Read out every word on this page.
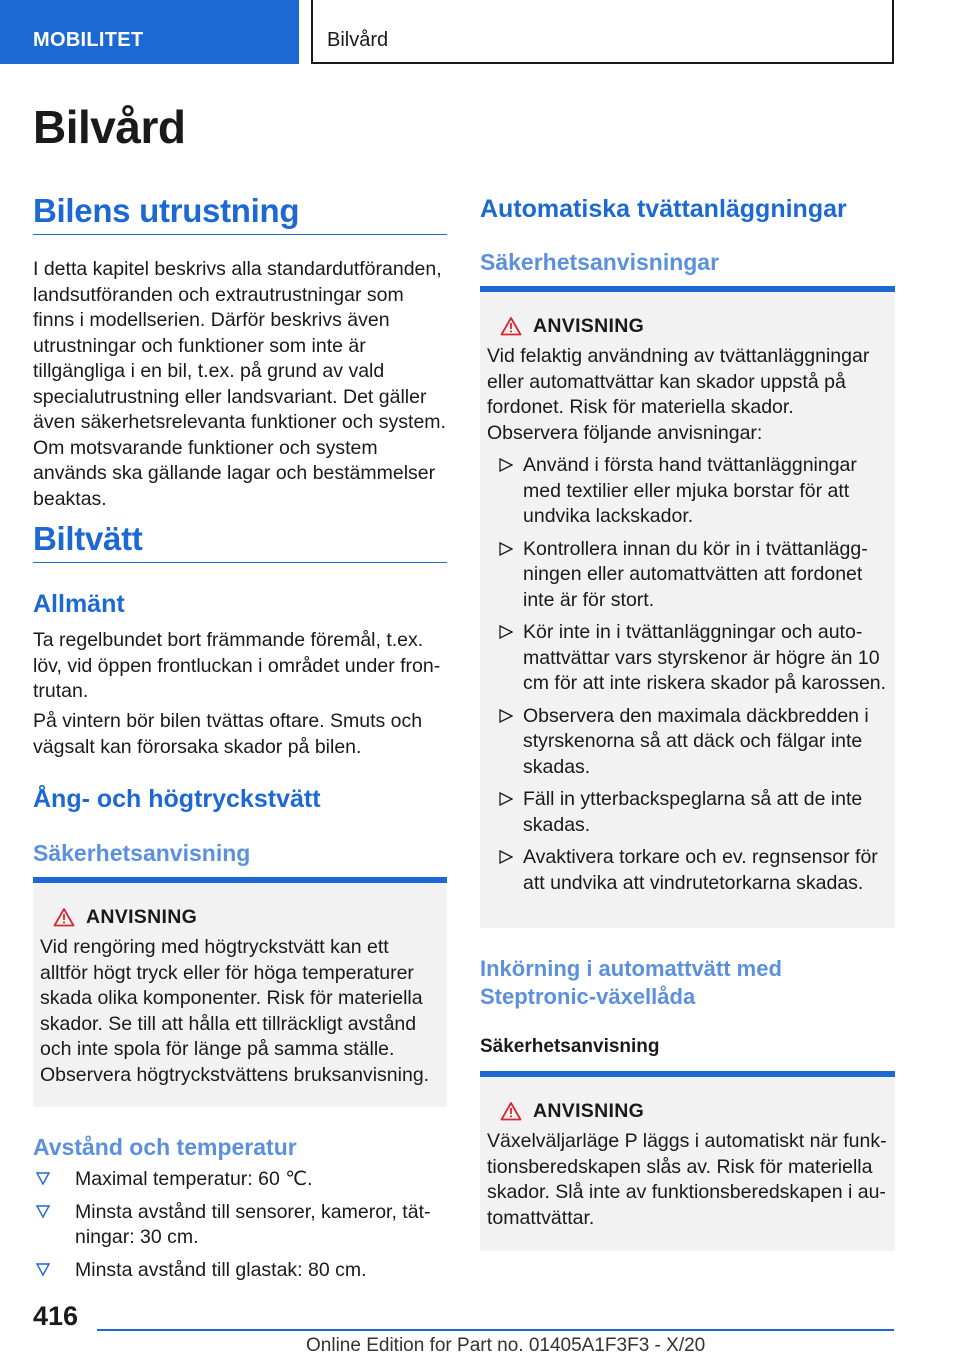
MOBILITET	Bilvård
Bilvård
Bilens utrustning

I detta kapitel beskrivs alla standardutföranden, landsutföranden och extrautrustningar som finns i modellserien. Därför beskrivs även utrustningar och funktioner som inte är tillgängliga i en bil, t.ex. på grund av vald specialutrustning eller landsvariant. Det gäller även säkerhetsrelevanta funktioner och system. Om motsvarande funktioner och system används ska gällande lagar och bestämmelser beaktas.

Biltvätt
Allmänt

Ta regelbundet bort främmande föremål, t.ex. löv, vid öppen frontluckan i området under frontrutan.

På vintern bör bilen tvättas oftare. Smuts och vägsalt kan förorsaka skador på bilen.

Ång- och högtryckstvätt
Säkerhetsanvisning
ANVISNING

Vid rengöring med högtryckstvätt kan ett alltför högt tryck eller för höga temperaturer skada olika komponenter. Risk för materiella skador. Se till att hålla ett tillräckligt avstånd och inte spola för länge på samma ställe. Observera högtryckstvättens bruksanvisning.

Avstånd och temperatur
Maximal temperatur: 60 ℃.
Minsta avstånd till sensorer, kameror, tätningar: 30 cm.
Minsta avstånd till glastak: 80 cm.
Automatiska tvättanläggningar
Säkerhetsanvisningar
ANVISNING

Vid felaktig användning av tvättanläggningar eller automattvättar kan skador uppstå på fordonet. Risk för materiella skador. Observera följande anvisningar:

Använd i första hand tvättanläggningar med textilier eller mjuka borstar för att undvika lackskador.
Kontrollera innan du kör in i tvättanläggningen eller automattvätten att fordonet inte är för stort.
Kör inte in i tvättanläggningar och automattvättar vars styrskenor är högre än 10 cm för att inte riskera skador på karossen.
Observera den maximala däckbredden i styrskenorna så att däck och fälgar inte skadas.
Fäll in ytterbackspeglarna så att de inte skadas.
Avaktivera torkare och ev. regnsensor för att undvika att vindrutetorkarna skadas.
Inkörning i automattvätt med Steptronic-växellåda
Säkerhetsanvisning
ANVISNING

Växelväljarläge P läggs i automatiskt när funktionsberedskapen slås av. Risk för materiella skador. Slå inte av funktionsberedskapen i automattvättar.

416
Online Edition for Part no. 01405A1F3F3 - X/20
